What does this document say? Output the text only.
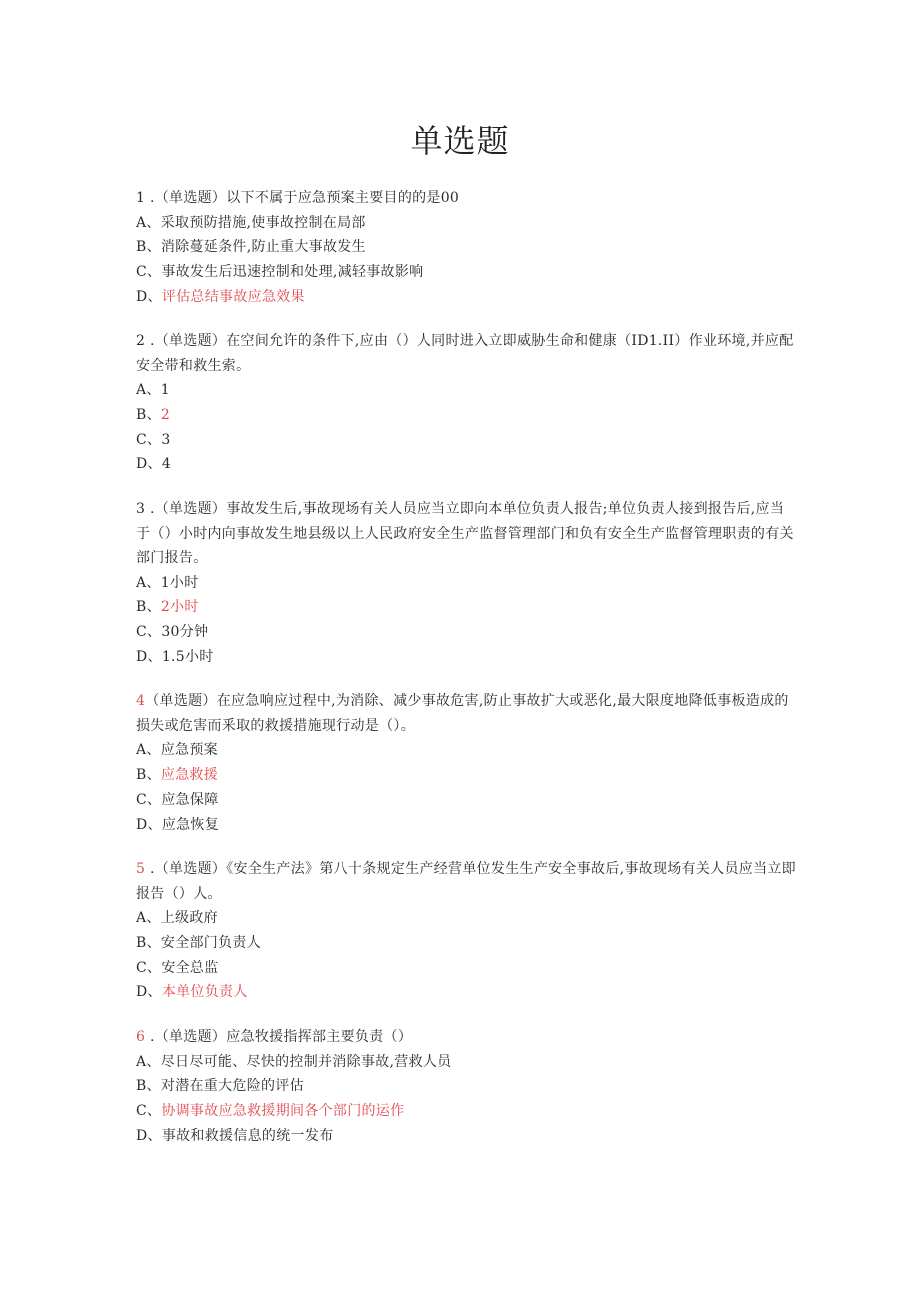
单选题
1 .（单选题）以下不属于应急预案主要目的的是00
A、采取预防措施,使事故控制在局部
B、消除蔓延条件,防止重大事故发生
C、事故发生后迅速控制和处理,减轻事故影响
D、评估总结事故应急效果
2 .（单选题）在空间允许的条件下,应由（）人同时进入立即威胁生命和健康（ID1.II）作业环境,并应配安全带和救生索。
A、1
B、2
C、3
D、4
3 .（单选题）事故发生后,事故现场有关人员应当立即向本单位负责人报告;单位负责人接到报告后,应当于（）小时内向事故发生地县级以上人民政府安全生产监督管理部门和负有安全生产监督管理职责的有关部门报告。
A、1小时
B、2小时
C、30分钟
D、1.5小时
4（单选题）在应急响应过程中,为消除、减少事故危害,防止事故扩大或恶化,最大限度地降低事板造成的损失或危害而釆取的救援措施现行动是（）。
A、应急预案
B、应急救援
C、应急保障
D、应急恢复
5 .（单选题）《安全生产法》第八十条规定生产经营单位发生生产安全事故后,事故现场有关人员应当立即报告（）人。
A、上级政府
B、安全部门负责人
C、安全总监
D、本单位负责人
6 .（单选题）应急牧援指挥部主要负责（）
A、尽日尽可能、尽快的控制并消除事故,营救人员
B、对潜在重大危险的评估
C、协调事故应急救援期间各个部门的运作
D、事故和救援信息的统一发布
